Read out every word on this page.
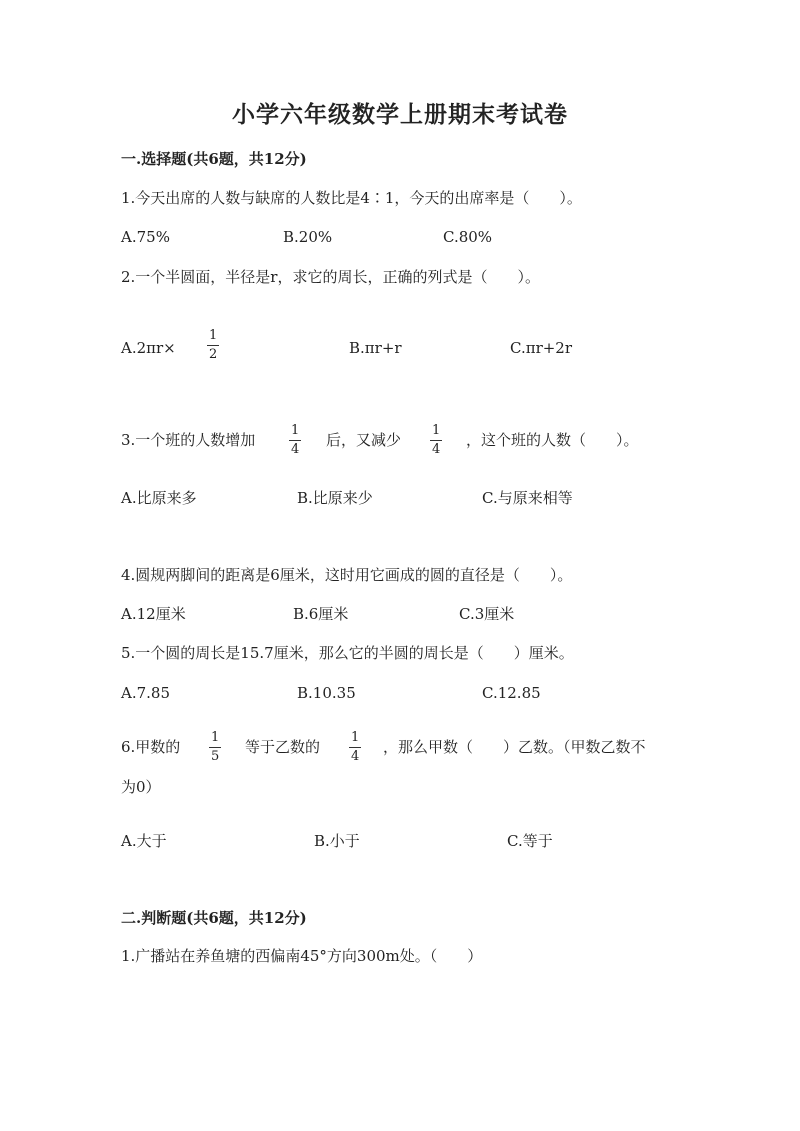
小学六年级数学上册期末考试卷
一.选择题(共6题，共12分)
1.今天出席的人数与缺席的人数比是4∶1，今天的出席率是（　　）。
A.75%	B.20%	C.80%
2.一个半圆面，半径是r，求它的周长，正确的列式是（　　）。
A.2πr×
1
2	B.πr+r	C.πr+2r
3.一个班的人数增加
1
4
后，又减少
1
4
，这个班的人数（　　）。
A.比原来多	B.比原来少	C.与原来相等
4.圆规两脚间的距离是6厘米，这时用它画成的圆的直径是（　　）。
A.12厘米	B.6厘米	C.3厘米
5.一个圆的周长是15.7厘米，那么它的半圆的周长是（　　）厘米。
A.7.85	B.10.35	C.12.85
6.甲数的
1
5
等于乙数的
1
4
，那么甲数（　　）乙数。（甲数乙数不
为0）
A.大于	B.小于	C.等于
二.判断题(共6题，共12分)
1.广播站在养鱼塘的西偏南45°方向300m处。（　　）
